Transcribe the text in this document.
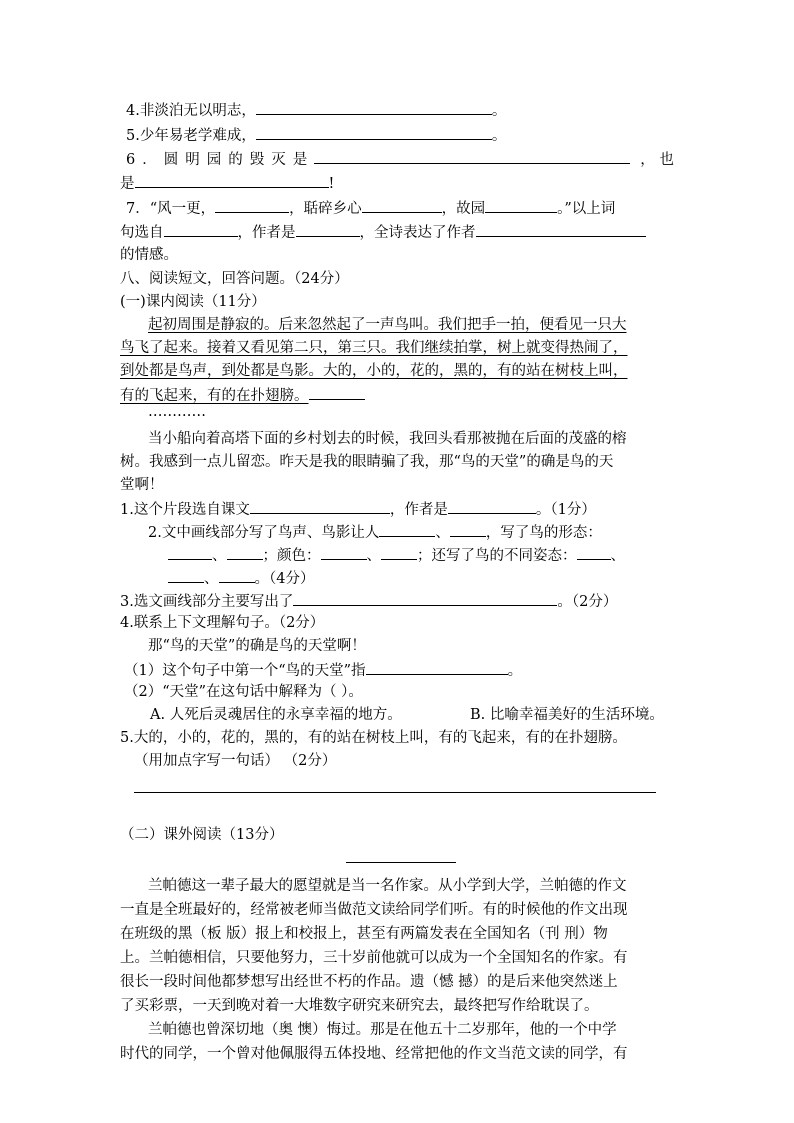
4.非淡泊无以明志，	。
5.少年易老学难成，	。
6．圆明园的毁灭是	， 也
是	!
7．“风一更，	，聒碎乡心	，故园	。”以上词
句选自	，作者是	，全诗表达了作者
的情感。
八、阅读短文，回答问题。（24分）
(一)课内阅读（11分）
起初周围是静寂的。后来忽然起了一声鸟叫。我们把手一拍，便看见一只大
鸟飞了起来。接着又看见第二只，第三只。我们继续拍掌，树上就变得热闹了，
到处都是鸟声，到处都是鸟影。大的，小的，花的，黑的，有的站在树枝上叫，
有的飞起来，有的在扑翅膀。
…………
当小船向着高塔下面的乡村划去的时候，我回头看那被抛在后面的茂盛的榕
树。我感到一点儿留恋。昨天是我的眼睛骗了我，那“鸟的天堂”的确是鸟的天
堂啊！
1.这个片段选自课文	，作者是	。（1分）
2.文中画线部分写了鸟声、鸟影让人	、 ，写了鸟的形态：
、 ；颜色：	、 ；还写了鸟的不同姿态： 、
、 。（4分）
3.选文画线部分主要写出了	。（2分）
4.联系上下文理解句子。（2分）
那“鸟的天堂”的确是鸟的天堂啊！
（1）这个句子中第一个“鸟的天堂”指	。
（2）“天堂”在这句话中解释为（ ）。
A. 人死后灵魂居住的永享幸福的地方。	B. 比喻幸福美好的生活环境。
5.大的，小的，花的，黑的，有的站在树枝上叫，有的飞起来，有的在扑翅膀。
（用加点字写一句话） （2分）
（二）课外阅读（13分）
兰帕德这一辈子最大的愿望就是当一名作家。从小学到大学，兰帕德的作文
一直是全班最好的，经常被老师当做范文读给同学们听。有的时候他的作文出现
在班级的黑（板 版）报上和校报上，甚至有两篇发表在全国知名（刊 刑）物
上。兰帕德相信，只要他努力，三十岁前他就可以成为一个全国知名的作家。有
很长一段时间他都梦想写出经世不朽的作品。遗（憾 撼）的是后来他突然迷上
了买彩票，一天到晚对着一大堆数字研究来研究去，最终把写作给耽误了。
兰帕德也曾深切地（奥 懊）悔过。那是在他五十二岁那年，他的一个中学
时代的同学，一个曾对他佩服得五体投地、经常把他的作文当范文读的同学，有
